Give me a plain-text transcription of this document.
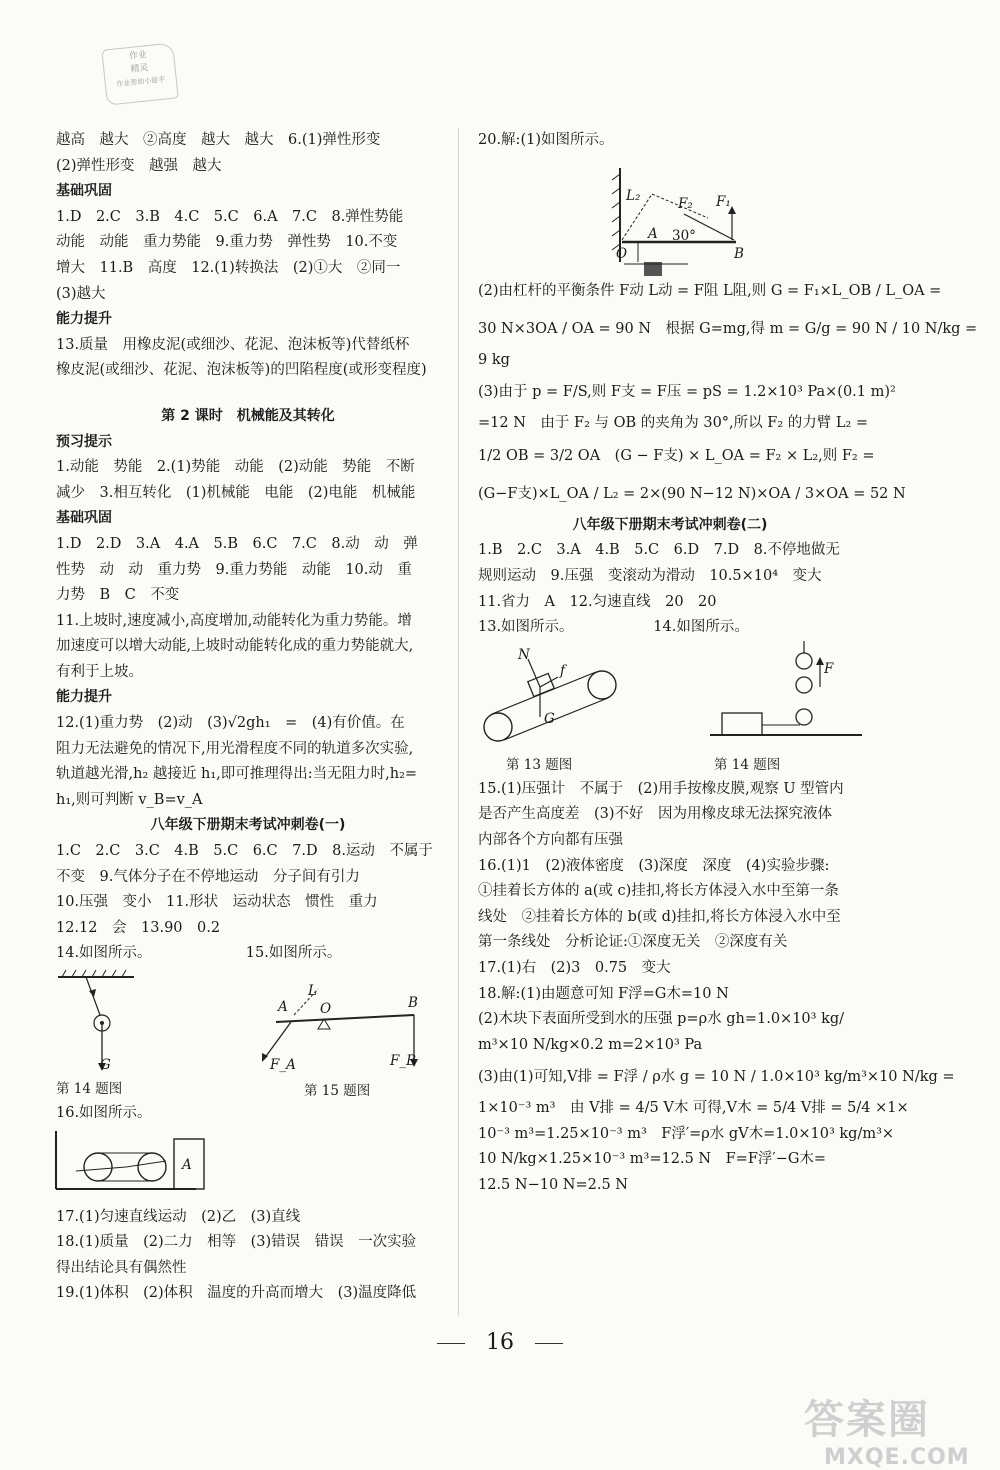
作业
精灵
作业帮助小能手
越高　越大　②高度　越大　越大　6.(1)弹性形变
(2)弹性形变　越强　越大
基础巩固
1.D　2.C　3.B　4.C　5.C　6.A　7.C　8.弹性势能
动能　动能　重力势能　9.重力势　弹性势　10.不变
增大　11.B　高度　12.(1)转换法　(2)①大　②同一
(3)越大
能力提升
13.质量　用橡皮泥(或细沙、花泥、泡沫板等)代替纸杯
橡皮泥(或细沙、花泥、泡沫板等)的凹陷程度(或形变程度)
第 2 课时　机械能及其转化
预习提示
1.动能　势能　2.(1)势能　动能　(2)动能　势能　不断
减少　3.相互转化　(1)机械能　电能　(2)电能　机械能
基础巩固
1.D　2.D　3.A　4.A　5.B　6.C　7.C　8.动　动　弹
性势　动　动　重力势　9.重力势能　动能　10.动　重
力势　B　C　不变
11.上坡时,速度减小,高度增加,动能转化为重力势能。增
加速度可以增大动能,上坡时动能转化成的重力势能就大,
有利于上坡。
能力提升
12.(1)重力势　(2)动　(3)√2gh₁　=　(4)有价值。在
阻力无法避免的情况下,用光滑程度不同的轨道多次实验,
轨道越光滑,h₂ 越接近 h₁,即可推理得出:当无阻力时,h₂=
h₁,则可判断 v_B=v_A
八年级下册期末考试冲刺卷(一)
1.C　2.C　3.C　4.B　5.C　6.C　7.D　8.运动　不属于
不变　9.气体分子在不停地运动　分子间有引力
10.压强　变小　11.形状　运动状态　惯性　重力
12.12　会　13.90　0.2
14.如图所示。　　　　　　　15.如图所示。
G
A
L
O	B
F_A	F_B
第 14 题图	第 15 题图
16.如图所示。
A
17.(1)匀速直线运动　(2)乙　(3)直线
18.(1)质量　(2)二力　相等　(3)错误　错误　一次实验
得出结论具有偶然性
19.(1)体积　(2)体积　温度的升高而增大　(3)温度降低
20.解:(1)如图所示。
L₂	F₂ F₁
A 30°
O	B
(2)由杠杆的平衡条件 F动 L动 = F阻 L阻,则 G = F₁×L_OB / L_OA =
30 N×3OA / OA = 90 N　根据 G=mg,得 m = G/g = 90 N / 10 N/kg =
9 kg
(3)由于 p = F/S,则 F支 = F压 = pS = 1.2×10³ Pa×(0.1 m)²
=12 N　由于 F₂ 与 OB 的夹角为 30°,所以 F₂ 的力臂 L₂ =
1/2 OB = 3/2 OA　(G − F支) × L_OA = F₂ × L₂,则 F₂ =
(G−F支)×L_OA / L₂ = 2×(90 N−12 N)×OA / 3×OA = 52 N
八年级下册期末考试冲刺卷(二)
1.B　2.C　3.A　4.B　5.C　6.D　7.D　8.不停地做无
规则运动　9.压强　变滚动为滑动　10.5×10⁴　变大
11.省力　A　12.匀速直线　20　20
13.如图所示。　　　　　　14.如图所示。
N
f
G
F
第 13 题图	第 14 题图
15.(1)压强计　不属于　(2)用手按橡皮膜,观察 U 型管内
是否产生高度差　(3)不好　因为用橡皮球无法探究液体
内部各个方向都有压强
16.(1)1　(2)液体密度　(3)深度　深度　(4)实验步骤:
①挂着长方体的 a(或 c)挂扣,将长方体浸入水中至第一条
线处　②挂着长方体的 b(或 d)挂扣,将长方体浸入水中至
第一条线处　分析论证:①深度无关　②深度有关
17.(1)右　(2)3　0.75　变大
18.解:(1)由题意可知 F浮=G木=10 N
(2)木块下表面所受到水的压强 p=ρ水 gh=1.0×10³ kg/
m³×10 N/kg×0.2 m=2×10³ Pa
(3)由(1)可知,V排 = F浮 / ρ水 g = 10 N / 1.0×10³ kg/m³×10 N/kg =
1×10⁻³ m³　由 V排 = 4/5 V木 可得,V木 = 5/4 V排 = 5/4 ×1×
10⁻³ m³=1.25×10⁻³ m³　F浮′=ρ水 gV木=1.0×10³ kg/m³×
10 N/kg×1.25×10⁻³ m³=12.5 N　F=F浮′−G木=
12.5 N−10 N=2.5 N
16
答案圈
MXQE.COM
